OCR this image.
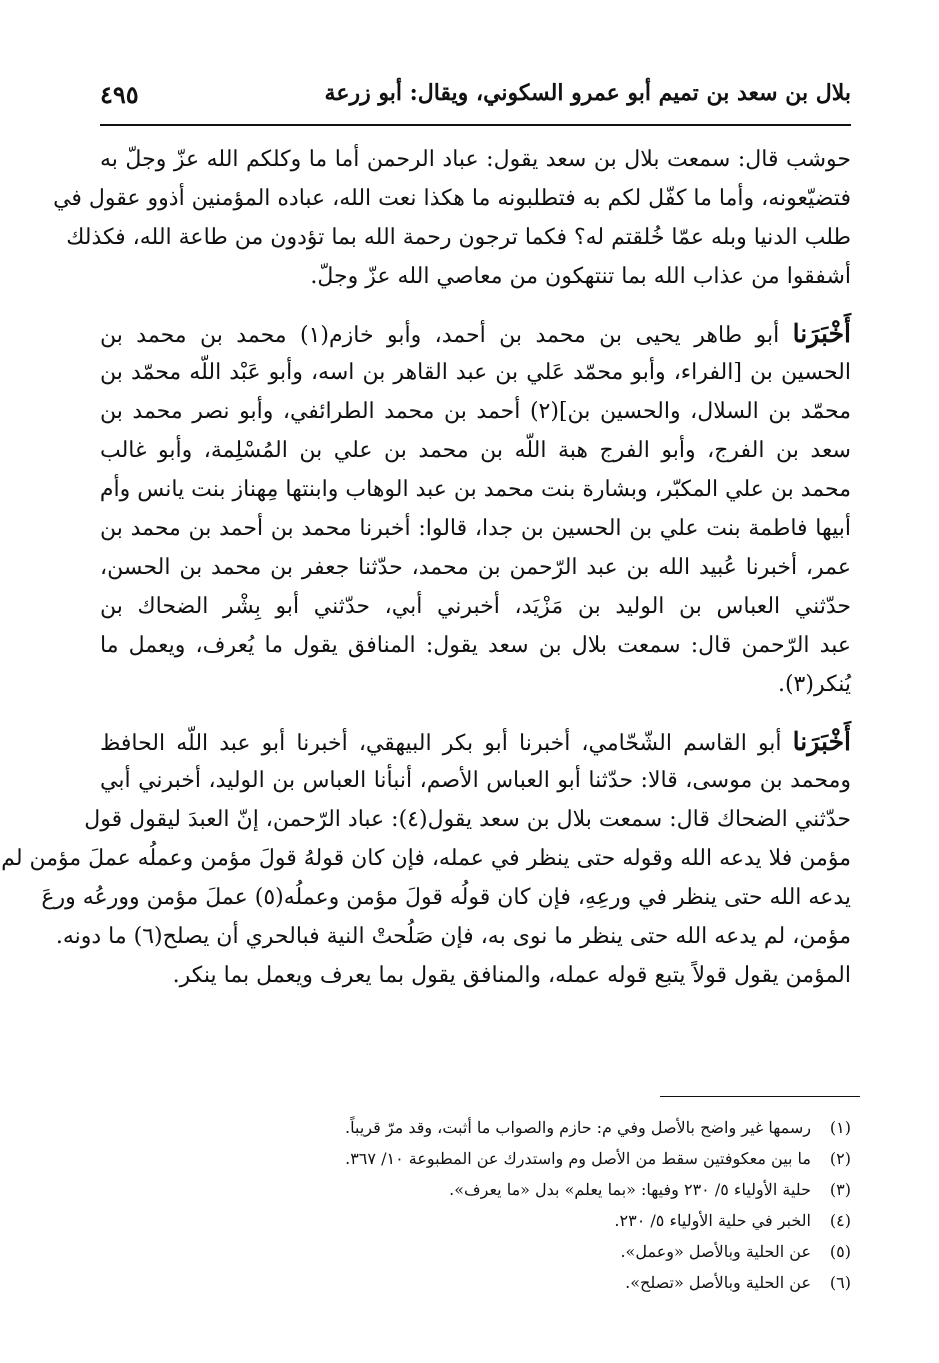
بلال بن سعد بن تميم أبو عمرو السكوني، ويقال: أبو زرعة
٤٩٥
حوشب قال: سمعت بلال بن سعد يقول: عباد الرحمن أما ما وكلكم الله عزّ وجلّ به
فتضيّعونه، وأما ما كفّل لكم به فتطلبونه ما هكذا نعت الله، عباده المؤمنين أذوو عقول في
طلب الدنيا وبله عمّا خُلقتم له؟ فكما ترجون رحمة الله بما تؤدون من طاعة الله، فكذلك
أشفقوا من عذاب الله بما تنتهكون من معاصي الله عزّ وجلّ.
أَخْبَرَنا أبو طاهر يحيى بن محمد بن أحمد، وأبو خازم(١) محمد بن محمد بن
الحسين بن [الفراء، وأبو محمّد عَلي بن عبد القاهر بن اسه، وأبو عَبْد اللّه محمّد بن
محمّد بن السلال، والحسين بن](٢) أحمد بن محمد الطرائفي، وأبو نصر محمد بن
سعد بن الفرج، وأبو الفرج هبة اللّه بن محمد بن علي بن المُسْلِمة، وأبو غالب
محمد بن علي المكبّر، وبشارة بنت محمد بن عبد الوهاب وابنتها مِهناز بنت يانس وأم
أبيها فاطمة بنت علي بن الحسين بن جدا، قالوا: أخبرنا محمد بن أحمد بن محمد بن
عمر، أخبرنا عُبيد الله بن عبد الرّحمن بن محمد، حدّثنا جعفر بن محمد بن الحسن،
حدّثني العباس بن الوليد بن مَزْيَد، أخبرني أبي، حدّثني أبو بِشْر الضحاك بن
عبد الرّحمن قال: سمعت بلال بن سعد يقول: المنافق يقول ما يُعرف، ويعمل ما
يُنكر(٣).
أَخْبَرَنا أبو القاسم الشّحّامي، أخبرنا أبو بكر البيهقي، أخبرنا أبو عبد اللّه الحافظ
ومحمد بن موسى، قالا: حدّثنا أبو العباس الأصم، أنبأنا العباس بن الوليد، أخبرني أبي
حدّثني الضحاك قال: سمعت بلال بن سعد يقول(٤): عباد الرّحمن، إنّ العبدَ ليقول قول
مؤمن فلا يدعه الله وقوله حتى ينظر في عمله، فإن كان قولهُ قولَ مؤمن وعملُه عملَ مؤمن لم
يدعه الله حتى ينظر في ورعِهِ، فإن كان قولُه قولَ مؤمن وعملُه(٥) عملَ مؤمن وورعُه ورعَ
مؤمن، لم يدعه الله حتى ينظر ما نوى به، فإن صَلُحتْ النية فبالحري أن يصلح(٦) ما دونه.
المؤمن يقول قولاً يتبع قوله عمله، والمنافق يقول بما يعرف ويعمل بما ينكر.
(١)
رسمها غير واضح بالأصل وفي م: حازم والصواب ما أثبت، وقد مرّ قريباً.
(٢)
ما بين معكوفتين سقط من الأصل وم واستدرك عن المطبوعة ١٠/ ٣٦٧.
(٣)
حلية الأولياء ٥/ ٢٣٠ وفيها: «بما يعلم» بدل «ما يعرف».
(٤)
الخبر في حلية الأولياء ٥/ ٢٣٠.
(٥)
عن الحلية وبالأصل «وعمل».
(٦)
عن الحلية وبالأصل «تصلح».
